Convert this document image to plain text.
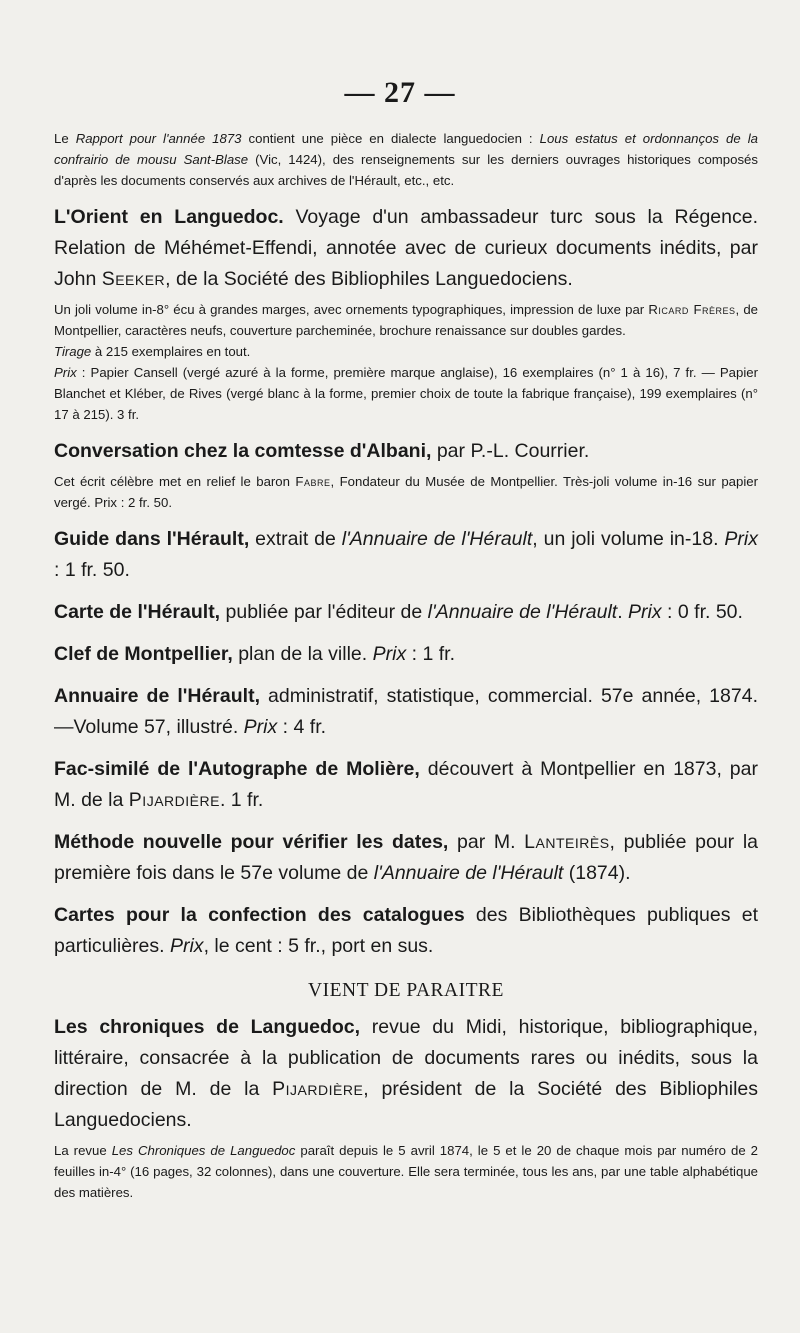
— 27 —

Le Rapport pour l'année 1873 contient une pièce en dialecte languedocien : Lous estatus et ordonnanços de la confrairio de mousu Sant-Blase (Vic, 1424), des renseignements sur les derniers ouvrages historiques composés d'après les documents conservés aux archives de l'Hérault, etc., etc.

L'Orient en Languedoc. Voyage d'un ambassadeur turc sous la Régence. Relation de Méhémet-Effendi, annotée avec de curieux documents inédits, par John Seeker, de la Société des Bibliophiles Languedociens.

Un joli volume in-8° écu à grandes marges, avec ornements typographiques, impression de luxe par Ricard Frères, de Montpellier, caractères neufs, couverture parcheminée, brochure renaissance sur doubles gardes.

Tirage à 215 exemplaires en tout.

Prix : Papier Cansell (vergé azuré à la forme, première marque anglaise), 16 exemplaires (n° 1 à 16), 7 fr. — Papier Blanchet et Kléber, de Rives (vergé blanc à la forme, premier choix de toute la fabrique française), 199 exemplaires (n° 17 à 215). 3 fr.

Conversation chez la comtesse d'Albani, par P.-L. Courrier.

Cet écrit célèbre met en relief le baron Fabre, Fondateur du Musée de Montpellier. Très-joli volume in-16 sur papier vergé. Prix : 2 fr. 50.

Guide dans l'Hérault, extrait de l'Annuaire de l'Hérault, un joli volume in-18. Prix : 1 fr. 50.

Carte de l'Hérault, publiée par l'éditeur de l'Annuaire de l'Hérault. Prix : 0 fr. 50.

Clef de Montpellier, plan de la ville. Prix : 1 fr.

Annuaire de l'Hérault, administratif, statistique, commercial. 57e année, 1874. —Volume 57, illustré. Prix : 4 fr.

Fac-similé de l'Autographe de Molière, découvert à Montpellier en 1873, par M. de la Pijardière. 1 fr.

Méthode nouvelle pour vérifier les dates, par M. Lanteirès, publiée pour la première fois dans le 57e volume de l'Annuaire de l'Hérault (1874).

Cartes pour la confection des catalogues des Bibliothèques publiques et particulières. Prix, le cent : 5 fr., port en sus.

VIENT DE PARAITRE

Les chroniques de Languedoc, revue du Midi, historique, bibliographique, littéraire, consacrée à la publication de documents rares ou inédits, sous la direction de M. de la Pijardière, président de la Société des Bibliophiles Languedociens.

La revue Les Chroniques de Languedoc paraît depuis le 5 avril 1874, le 5 et le 20 de chaque mois par numéro de 2 feuilles in-4° (16 pages, 32 colonnes), dans une couverture. Elle sera terminée, tous les ans, par une table alphabétique des matières.
